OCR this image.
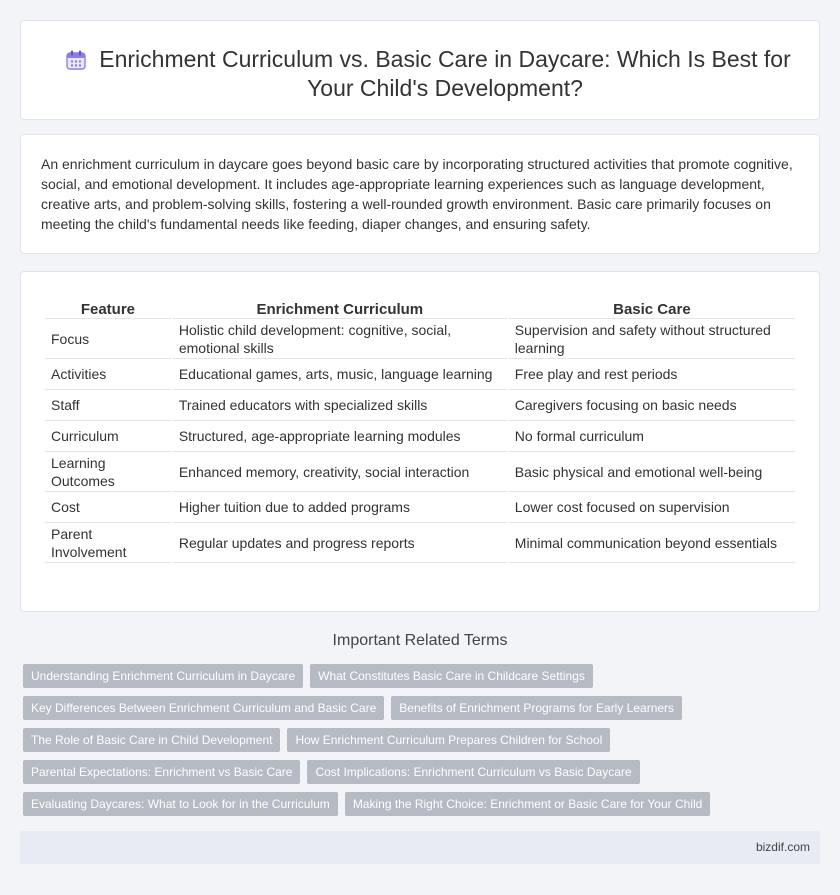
Enrichment Curriculum vs. Basic Care in Daycare: Which Is Best for Your Child's Development?

An enrichment curriculum in daycare goes beyond basic care by incorporating structured activities that promote cognitive, social, and emotional development. It includes age-appropriate learning experiences such as language development, creative arts, and problem-solving skills, fostering a well-rounded growth environment. Basic care primarily focuses on meeting the child's fundamental needs like feeding, diaper changes, and ensuring safety.

Feature	Enrichment Curriculum	Basic Care
Focus	Holistic child development: cognitive, social, emotional skills	Supervision and safety without structured learning
Activities	Educational games, arts, music, language learning	Free play and rest periods
Staff	Trained educators with specialized skills	Caregivers focusing on basic needs
Curriculum	Structured, age-appropriate learning modules	No formal curriculum
Learning Outcomes	Enhanced memory, creativity, social interaction	Basic physical and emotional well-being
Cost	Higher tuition due to added programs	Lower cost focused on supervision
Parent Involvement	Regular updates and progress reports	Minimal communication beyond essentials
Important Related Terms
Understanding Enrichment Curriculum in Daycare	What Constitutes Basic Care in Childcare Settings
Key Differences Between Enrichment Curriculum and Basic Care	Benefits of Enrichment Programs for Early Learners
The Role of Basic Care in Child Development	How Enrichment Curriculum Prepares Children for School
Parental Expectations: Enrichment vs Basic Care	Cost Implications: Enrichment Curriculum vs Basic Daycare
Evaluating Daycares: What to Look for in the Curriculum	Making the Right Choice: Enrichment or Basic Care for Your Child
bizdif.com
